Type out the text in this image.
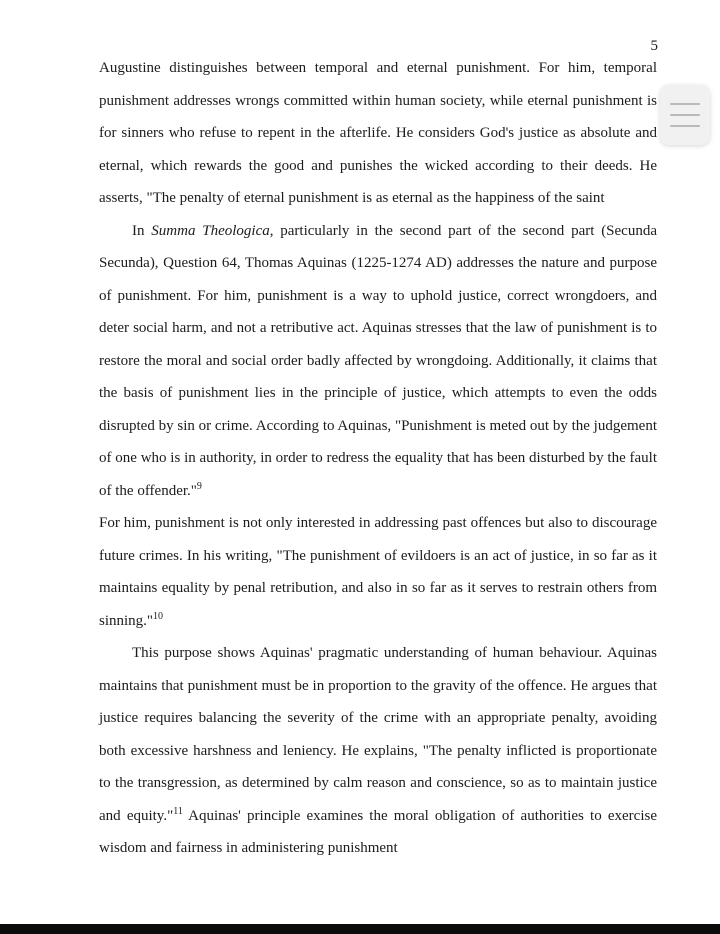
5

Augustine distinguishes between temporal and eternal punishment. For him, temporal punishment addresses wrongs committed within human society, while eternal punishment is for sinners who refuse to repent in the afterlife. He considers God's justice as absolute and eternal, which rewards the good and punishes the wicked according to their deeds. He asserts, "The penalty of eternal punishment is as eternal as the happiness of the saint

In Summa Theologica, particularly in the second part of the second part (Secunda Secunda), Question 64, Thomas Aquinas (1225-1274 AD) addresses the nature and purpose of punishment. For him, punishment is a way to uphold justice, correct wrongdoers, and deter social harm, and not a retributive act. Aquinas stresses that the law of punishment is to restore the moral and social order badly affected by wrongdoing. Additionally, it claims that the basis of punishment lies in the principle of justice, which attempts to even the odds disrupted by sin or crime. According to Aquinas, "Punishment is meted out by the judgement of one who is in authority, in order to redress the equality that has been disturbed by the fault of the offender."$^9$

For him, punishment is not only interested in addressing past offences but also to discourage future crimes. In his writing, "The punishment of evildoers is an act of justice, in so far as it maintains equality by penal retribution, and also in so far as it serves to restrain others from sinning."$^{10}$

This purpose shows Aquinas' pragmatic understanding of human behaviour. Aquinas maintains that punishment must be in proportion to the gravity of the offence. He argues that justice requires balancing the severity of the crime with an appropriate penalty, avoiding both excessive harshness and leniency. He explains, "The penalty inflicted is proportionate to the transgression, as determined by calm reason and conscience, so as to maintain justice and equity."$^{11}$ Aquinas' principle examines the moral obligation of authorities to exercise wisdom and fairness in administering punishment
